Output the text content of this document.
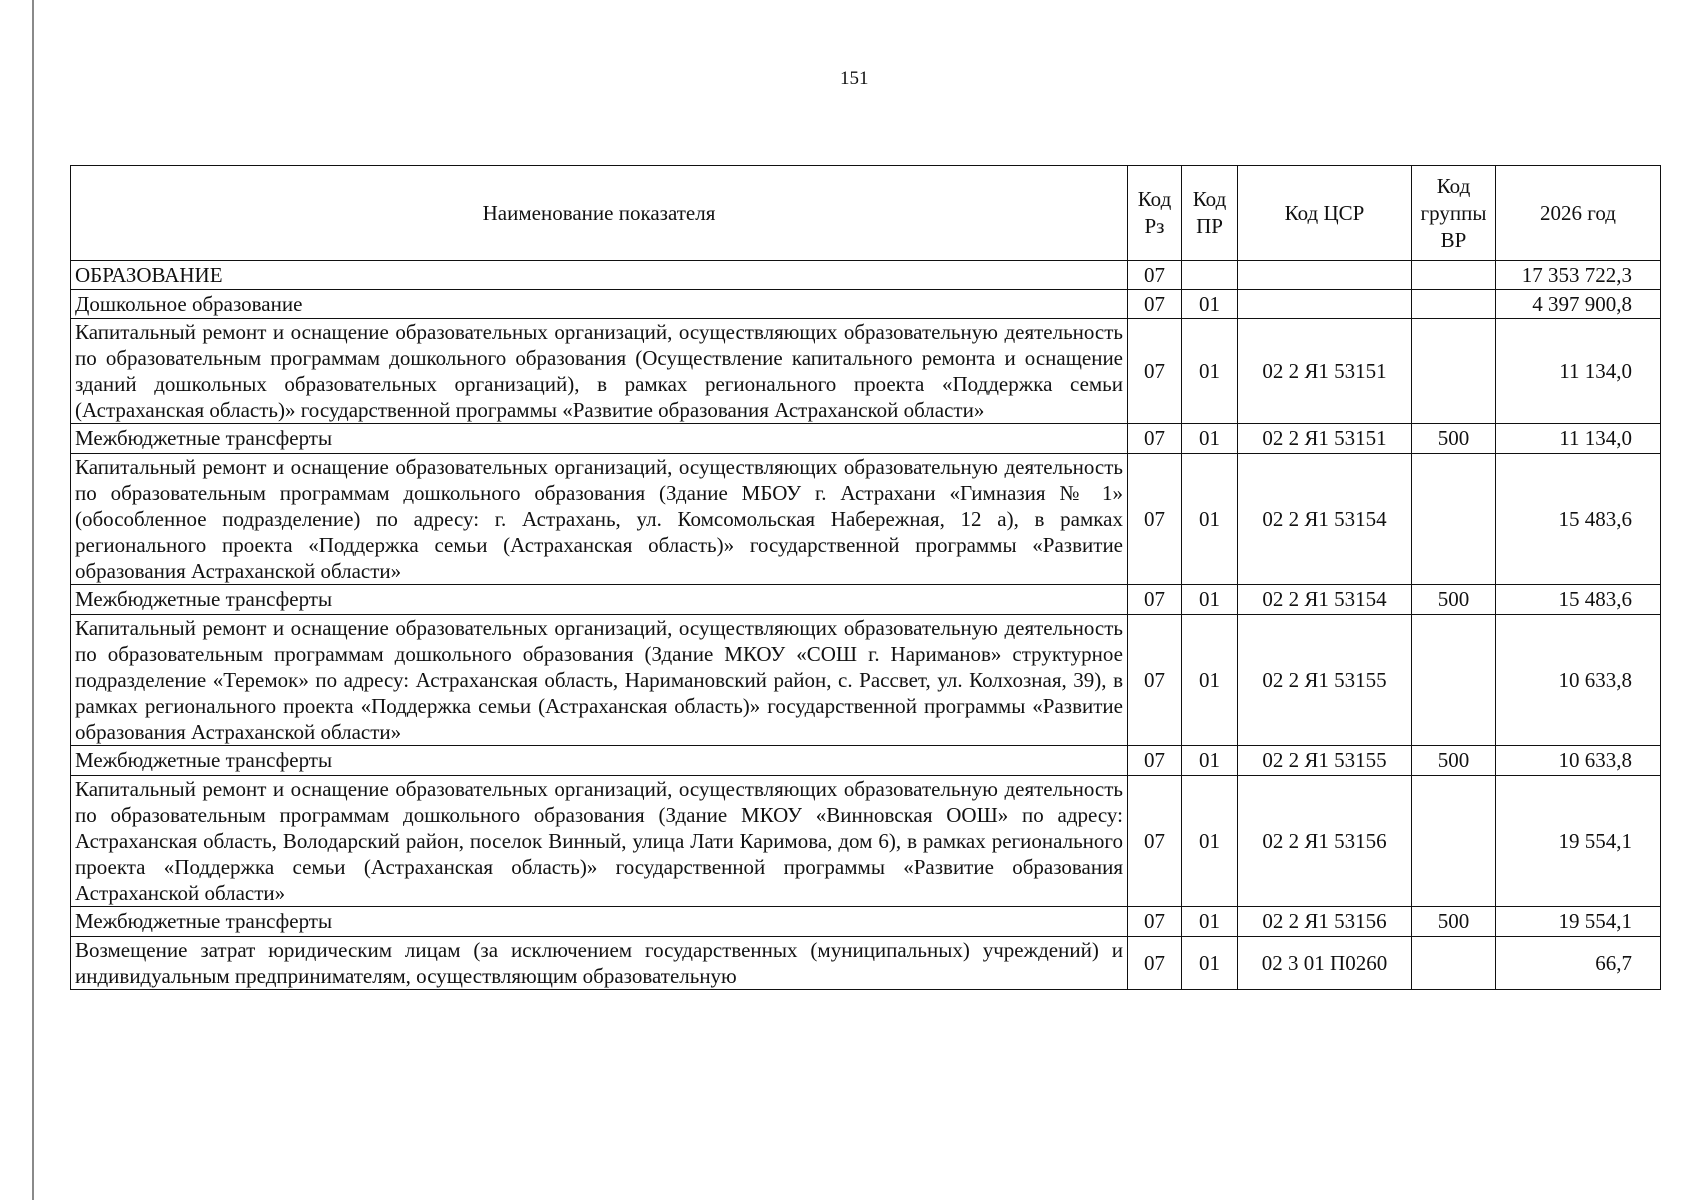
151
Наименование показателя	Код Рз	Код ПР	Код ЦСР	Код группы ВР	2026 год
ОБРАЗОВАНИЕ	07				17 353 722,3
Дошкольное образование	07	01			4 397 900,8
Капитальный ремонт и оснащение образовательных организаций, осуществляющих образовательную деятельность по образовательным программам дошкольного образования (Осуществление капитального ремонта и оснащение зданий дошкольных образовательных организаций), в рамках регионального проекта «Поддержка семьи (Астраханская область)» государственной программы «Развитие образования Астраханской области»	07	01	02 2 Я1 53151		11 134,0
Межбюджетные трансферты	07	01	02 2 Я1 53151	500	11 134,0
Капитальный ремонт и оснащение образовательных организаций, осуществляющих образовательную деятельность по образовательным программам дошкольного образования (Здание МБОУ г. Астрахани «Гимназия № 1» (обособленное подразделение) по адресу: г. Астрахань, ул. Комсомольская Набережная, 12 а), в рамках регионального проекта «Поддержка семьи (Астраханская область)» государственной программы «Развитие образования Астраханской области»	07	01	02 2 Я1 53154		15 483,6
Межбюджетные трансферты	07	01	02 2 Я1 53154	500	15 483,6
Капитальный ремонт и оснащение образовательных организаций, осуществляющих образовательную деятельность по образовательным программам дошкольного образования (Здание МКОУ «СОШ г. Нариманов» структурное подразделение «Теремок» по адресу: Астраханская область, Наримановский район, с. Рассвет, ул. Колхозная, 39), в рамках регионального проекта «Поддержка семьи (Астраханская область)» государственной программы «Развитие образования Астраханской области»	07	01	02 2 Я1 53155		10 633,8
Межбюджетные трансферты	07	01	02 2 Я1 53155	500	10 633,8
Капитальный ремонт и оснащение образовательных организаций, осуществляющих образовательную деятельность по образовательным программам дошкольного образования (Здание МКОУ «Винновская ООШ» по адресу: Астраханская область, Володарский район, поселок Винный, улица Лати Каримова, дом 6), в рамках регионального проекта «Поддержка семьи (Астраханская область)» государственной программы «Развитие образования Астраханской области»	07	01	02 2 Я1 53156		19 554,1
Межбюджетные трансферты	07	01	02 2 Я1 53156	500	19 554,1
Возмещение затрат юридическим лицам (за исключением государственных (муниципальных) учреждений) и индивидуальным предпринимателям, осуществляющим образовательную	07	01	02 3 01 П0260		66,7
